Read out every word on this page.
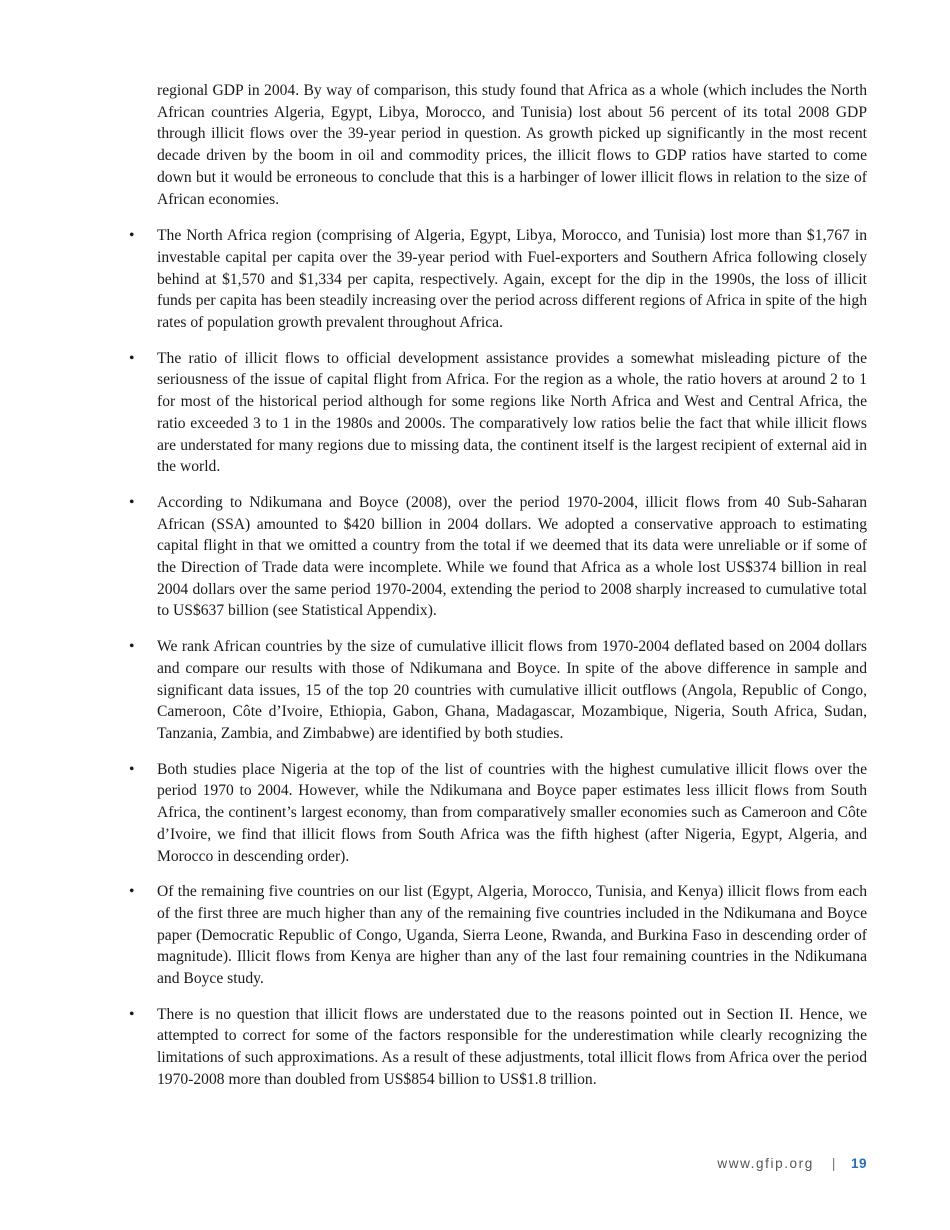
regional GDP in 2004. By way of comparison, this study found that Africa as a whole (which includes the North African countries Algeria, Egypt, Libya, Morocco, and Tunisia) lost about 56 percent of its total 2008 GDP through illicit flows over the 39-year period in question. As growth picked up significantly in the most recent decade driven by the boom in oil and commodity prices, the illicit flows to GDP ratios have started to come down but it would be erroneous to conclude that this is a harbinger of lower illicit flows in relation to the size of African economies.

• The North Africa region (comprising of Algeria, Egypt, Libya, Morocco, and Tunisia) lost more than $1,767 in investable capital per capita over the 39-year period with Fuel-exporters and Southern Africa following closely behind at $1,570 and $1,334 per capita, respectively. Again, except for the dip in the 1990s, the loss of illicit funds per capita has been steadily increasing over the period across different regions of Africa in spite of the high rates of population growth prevalent throughout Africa.

• The ratio of illicit flows to official development assistance provides a somewhat misleading picture of the seriousness of the issue of capital flight from Africa. For the region as a whole, the ratio hovers at around 2 to 1 for most of the historical period although for some regions like North Africa and West and Central Africa, the ratio exceeded 3 to 1 in the 1980s and 2000s. The comparatively low ratios belie the fact that while illicit flows are understated for many regions due to missing data, the continent itself is the largest recipient of external aid in the world.

• According to Ndikumana and Boyce (2008), over the period 1970-2004, illicit flows from 40 Sub-Saharan African (SSA) amounted to $420 billion in 2004 dollars. We adopted a conservative approach to estimating capital flight in that we omitted a country from the total if we deemed that its data were unreliable or if some of the Direction of Trade data were incomplete. While we found that Africa as a whole lost US$374 billion in real 2004 dollars over the same period 1970-2004, extending the period to 2008 sharply increased to cumulative total to US$637 billion (see Statistical Appendix).

• We rank African countries by the size of cumulative illicit flows from 1970-2004 deflated based on 2004 dollars and compare our results with those of Ndikumana and Boyce. In spite of the above difference in sample and significant data issues, 15 of the top 20 countries with cumulative illicit outflows (Angola, Republic of Congo, Cameroon, Côte d’Ivoire, Ethiopia, Gabon, Ghana, Madagascar, Mozambique, Nigeria, South Africa, Sudan, Tanzania, Zambia, and Zimbabwe) are identified by both studies.

• Both studies place Nigeria at the top of the list of countries with the highest cumulative illicit flows over the period 1970 to 2004. However, while the Ndikumana and Boyce paper estimates less illicit flows from South Africa, the continent’s largest economy, than from comparatively smaller economies such as Cameroon and Côte d’Ivoire, we find that illicit flows from South Africa was the fifth highest (after Nigeria, Egypt, Algeria, and Morocco in descending order).

• Of the remaining five countries on our list (Egypt, Algeria, Morocco, Tunisia, and Kenya) illicit flows from each of the first three are much higher than any of the remaining five countries included in the Ndikumana and Boyce paper (Democratic Republic of Congo, Uganda, Sierra Leone, Rwanda, and Burkina Faso in descending order of magnitude). Illicit flows from Kenya are higher than any of the last four remaining countries in the Ndikumana and Boyce study.

• There is no question that illicit flows are understated due to the reasons pointed out in Section II. Hence, we attempted to correct for some of the factors responsible for the underestimation while clearly recognizing the limitations of such approximations. As a result of these adjustments, total illicit flows from Africa over the period 1970-2008 more than doubled from US$854 billion to US$1.8 trillion.

www.gfip.org | 19
